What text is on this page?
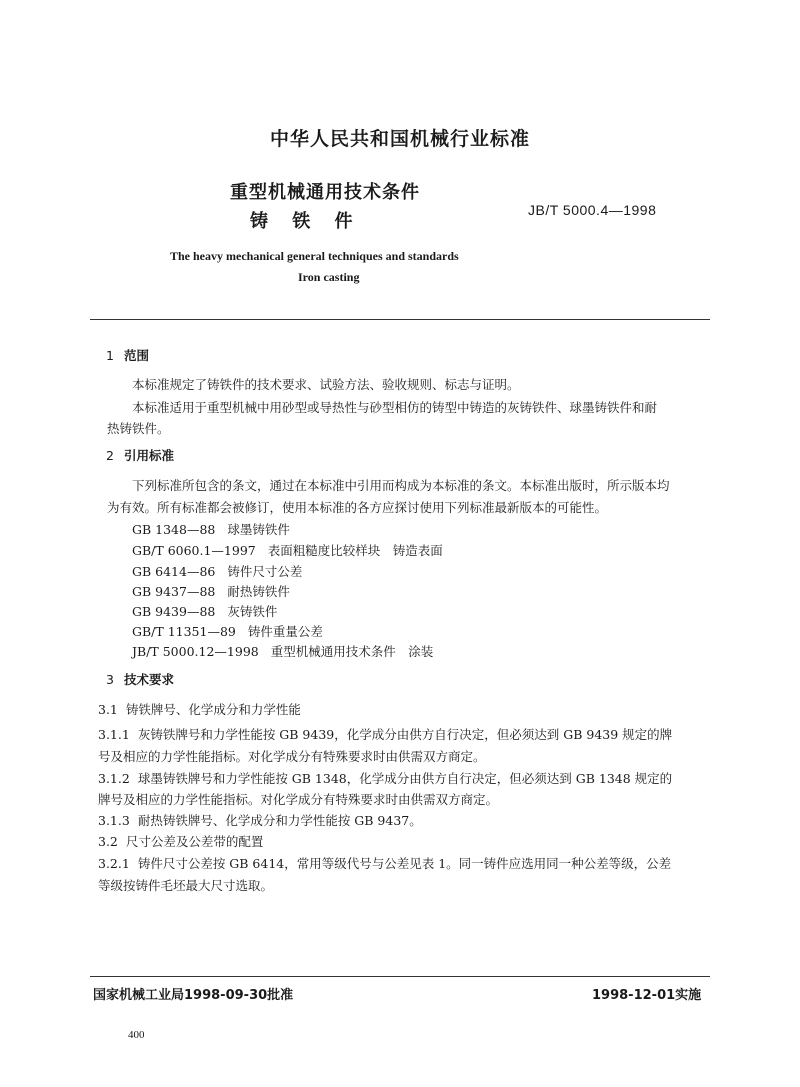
中华人民共和国机械行业标准
重型机械通用技术条件
铸 铁 件
JB/T 5000.4—1998
The heavy mechanical general techniques and standards
Iron casting
1 范围
本标准规定了铸铁件的技术要求、试验方法、验收规则、标志与证明。
本标准适用于重型机械中用砂型或导热性与砂型相仿的铸型中铸造的灰铸铁件、球墨铸铁件和耐
热铸铁件。
2 引用标准
下列标准所包含的条文，通过在本标准中引用而构成为本标准的条文。本标准出版时，所示版本均
为有效。所有标准都会被修订，使用本标准的各方应探讨使用下列标准最新版本的可能性。
GB 1348—88 球墨铸铁件
GB/T 6060.1—1997 表面粗糙度比较样块　铸造表面
GB 6414—86 铸件尺寸公差
GB 9437—88 耐热铸铁件
GB 9439—88 灰铸铁件
GB/T 11351—89 铸件重量公差
JB/T 5000.12—1998 重型机械通用技术条件　涂装
3 技术要求
3.1 铸铁牌号、化学成分和力学性能
3.1.1 灰铸铁牌号和力学性能按 GB 9439，化学成分由供方自行决定，但必须达到 GB 9439 规定的牌
号及相应的力学性能指标。对化学成分有特殊要求时由供需双方商定。
3.1.2 球墨铸铁牌号和力学性能按 GB 1348，化学成分由供方自行决定，但必须达到 GB 1348 规定的
牌号及相应的力学性能指标。对化学成分有特殊要求时由供需双方商定。
3.1.3 耐热铸铁牌号、化学成分和力学性能按 GB 9437。
3.2 尺寸公差及公差带的配置
3.2.1 铸件尺寸公差按 GB 6414，常用等级代号与公差见表 1。同一铸件应选用同一种公差等级，公差
等级按铸件毛坯最大尺寸选取。
国家机械工业局1998-09-30批准	1998-12-01实施
400
